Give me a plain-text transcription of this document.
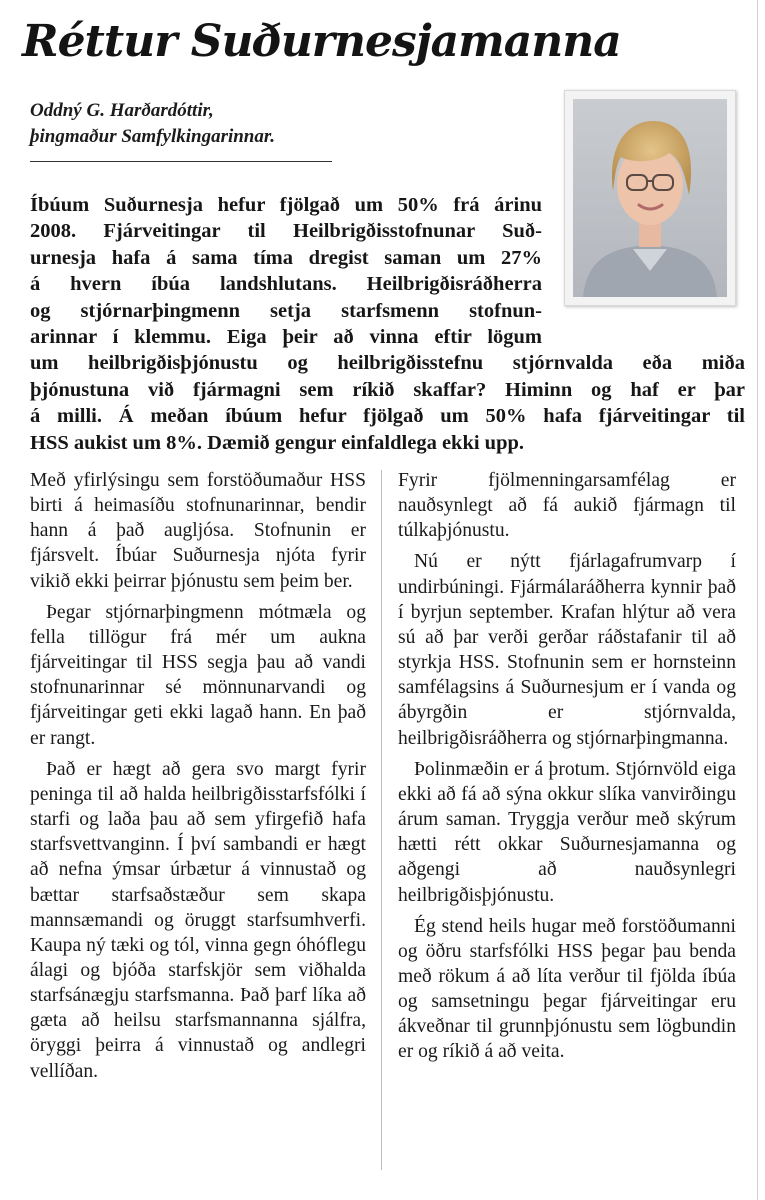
Réttur Suðurnesjamanna
Oddný G. Harðardóttir,
þingmaður Samfylkingarinnar.
Íbúum Suðurnesja hefur fjölgað um 50% frá árinu
2008. Fjárveitingar til Heilbrigðisstofnunar Suð-
urnesja hafa á sama tíma dregist saman um 27%
á hvern íbúa landshlutans. Heilbrigðisráðherra
og stjórnarþingmenn setja starfsmenn stofnun-
arinnar í klemmu. Eiga þeir að vinna eftir lögum
um heilbrigðisþjónustu og heilbrigðisstefnu stjórnvalda eða miða
þjónustuna við fjármagni sem ríkið skaffar? Himinn og haf er þar
á milli. Á meðan íbúum hefur fjölgað um 50% hafa fjárveitingar til
HSS aukist um 8%. Dæmið gengur einfaldlega ekki upp.

Með yfirlýsingu sem forstöðumaður HSS birti á heimasíðu stofnunarinnar, bendir hann á það augljósa. Stofnunin er fjársvelt. Íbúar Suðurnesja njóta fyrir vikið ekki þeirrar þjónustu sem þeim ber.

Þegar stjórnarþingmenn mótmæla og fella tillögur frá mér um aukna fjárveitingar til HSS segja þau að vandi stofnunarinnar sé mönnunarvandi og fjárveitingar geti ekki lagað hann. En það er rangt.

Það er hægt að gera svo margt fyrir peninga til að halda heilbrigðisstarfsfólki í starfi og laða þau að sem yfirgefið hafa starfsvettvanginn. Í því sambandi er hægt að nefna ýmsar úrbætur á vinnustað og bættar starfsaðstæður sem skapa mannsæmandi og öruggt starfsumhverfi. Kaupa ný tæki og tól, vinna gegn óhóflegu álagi og bjóða starfskjör sem viðhalda starfsánægju starfsmanna. Það þarf líka að gæta að heilsu starfsmannanna sjálfra, öryggi þeirra á vinnustað og andlegri vellíðan.

Fyrir fjölmenningarsamfélag er nauðsynlegt að fá aukið fjármagn til túlkaþjónustu.

Nú er nýtt fjárlagafrumvarp í undirbúningi. Fjármálaráðherra kynnir það í byrjun september. Krafan hlýtur að vera sú að þar verði gerðar ráðstafanir til að styrkja HSS. Stofnunin sem er hornsteinn samfélagsins á Suðurnesjum er í vanda og ábyrgðin er stjórnvalda, heilbrigðisráðherra og stjórnarþingmanna.

Þolinmæðin er á þrotum. Stjórnvöld eiga ekki að fá að sýna okkur slíka vanvirðingu árum saman. Tryggja verður með skýrum hætti rétt okkar Suðurnesjamanna og aðgengi að nauðsynlegri heilbrigðisþjónustu.

Ég stend heils hugar með forstöðumanni og öðru starfsfólki HSS þegar þau benda með rökum á að líta verður til fjölda íbúa og samsetningu þegar fjárveitingar eru ákveðnar til grunnþjónustu sem lögbundin er og ríkið á að veita.
